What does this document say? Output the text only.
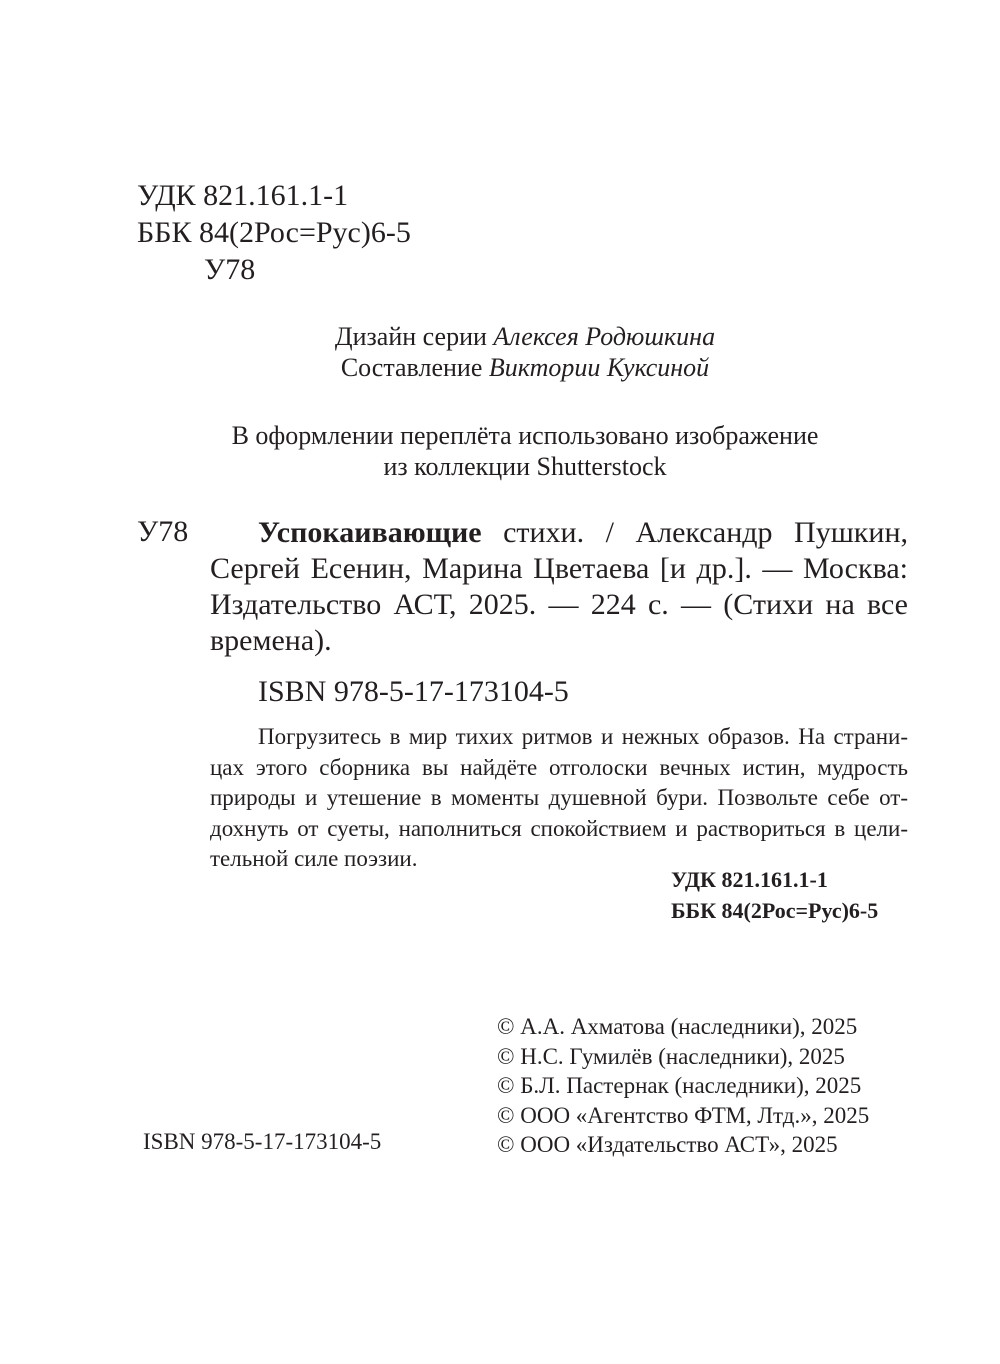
УДК 821.161.1-1
ББК 84(2Рос=Рус)6-5
У78
Дизайн серии Алексея Родюшкина
Составление Виктории Куксиной
В оформлении переплёта использовано изображение
из коллекции Shutterstock
У78	Успокаивающие стихи. / Александр Пушкин, Сергей Есенин, Марина Цветаева [и др.]. — Москва: Издательство АСТ, 2025. — 224 с. — (Стихи на все времена).
ISBN 978-5-17-173104-5
Погрузитесь в мир тихих ритмов и нежных образов. На страницах этого сборника вы найдёте отголоски вечных истин, мудрость природы и утешение в моменты душевной бури. Позвольте себе отдохнуть от суеты, наполниться спокойствием и раствориться в целительной силе поэзии.
УДК 821.161.1-1
ББК 84(2Рос=Рус)6-5
© А.А. Ахматова (наследники), 2025
© Н.С. Гумилёв (наследники), 2025
© Б.Л. Пастернак (наследники), 2025
© ООО «Агентство ФТМ, Лтд.», 2025
© ООО «Издательство АСТ», 2025
ISBN 978-5-17-173104-5
